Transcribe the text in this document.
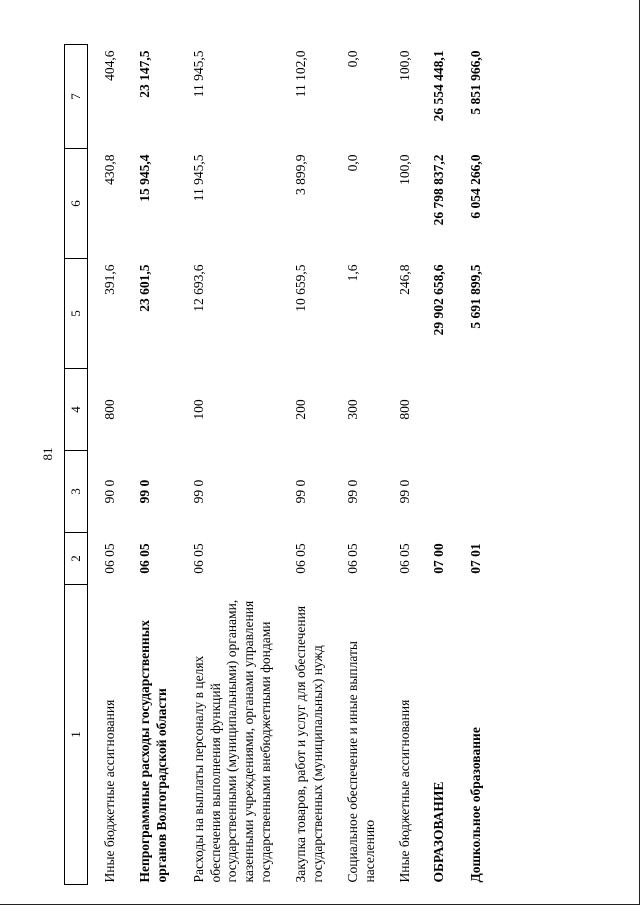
81
1	2	3	4	5	6	7
Иные бюджетные ассигнования	06 05	90 0	800	391,6	430,8	404,6
Непрограммные расходы государственных органов Волгоградской области	06 05	99 0		23 601,5	15 945,4	23 147,5
Расходы на выплаты персоналу в целях обеспечения выполнения функций государственными (муниципальными) органами, казенными учреждениями, органами управления государственными внебюджетными фондами	06 05	99 0	100	12 693,6	11 945,5	11 945,5
Закупка товаров, работ и услуг для обеспечения государственных (муниципальных) нужд	06 05	99 0	200	10 659,5	3 899,9	11 102,0
Социальное обеспечение и иные выплаты населению	06 05	99 0	300	1,6	0,0	0,0
Иные бюджетные ассигнования	06 05	99 0	800	246,8	100,0	100,0
ОБРАЗОВАНИЕ	07 00			29 902 658,6	26 798 837,2	26 554 448,1
Дошкольное образование	07 01			5 691 899,5	6 054 266,0	5 851 966,0
